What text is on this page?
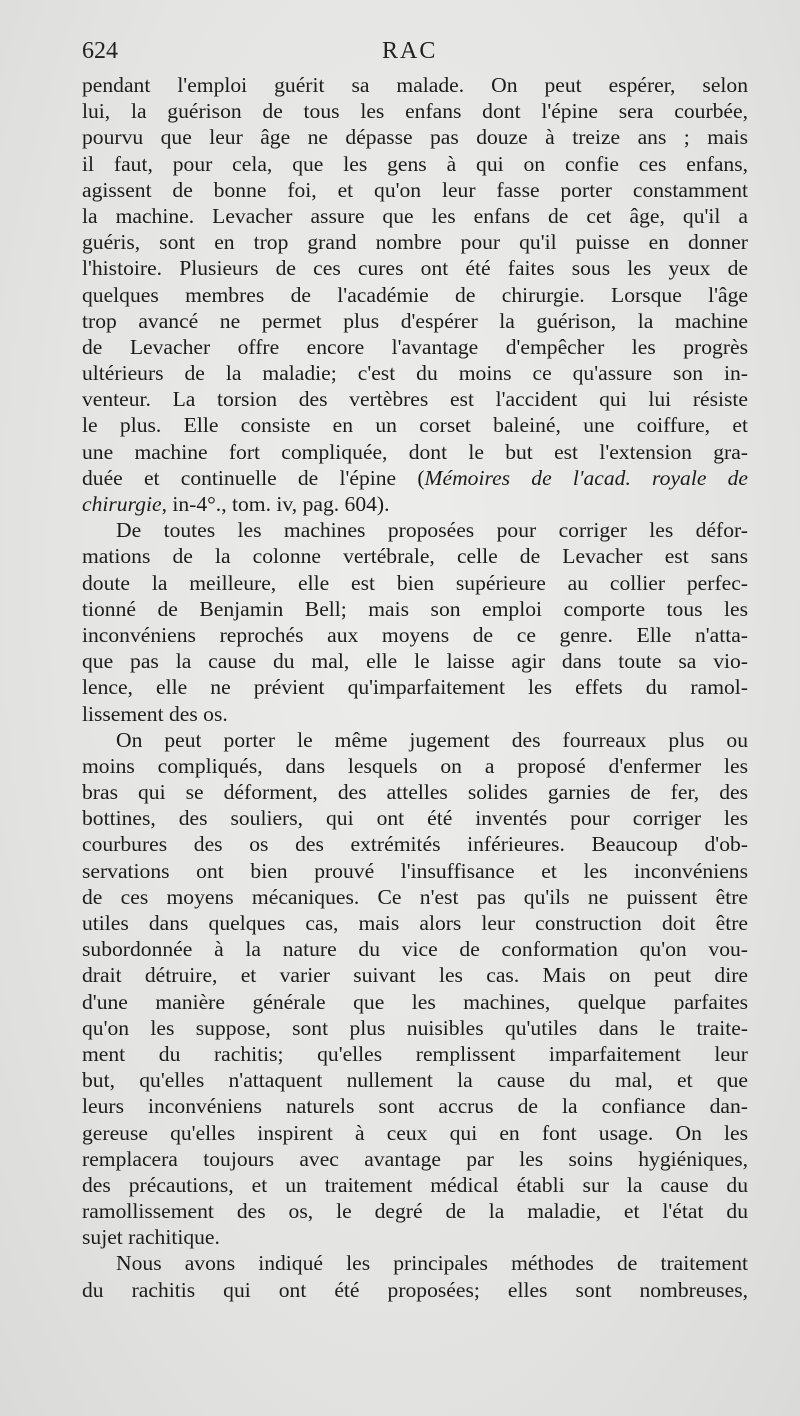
624	RAC
pendant l'emploi guérit sa malade. On peut espérer, selon
lui, la guérison de tous les enfans dont l'épine sera courbée,
pourvu que leur âge ne dépasse pas douze à treize ans ; mais
il faut, pour cela, que les gens à qui on confie ces enfans,
agissent de bonne foi, et qu'on leur fasse porter constamment
la machine. Levacher assure que les enfans de cet âge, qu'il a
guéris, sont en trop grand nombre pour qu'il puisse en donner
l'histoire. Plusieurs de ces cures ont été faites sous les yeux de
quelques membres de l'académie de chirurgie. Lorsque l'âge
trop avancé ne permet plus d'espérer la guérison, la machine
de Levacher offre encore l'avantage d'empêcher les progrès
ultérieurs de la maladie; c'est du moins ce qu'assure son in-
venteur. La torsion des vertèbres est l'accident qui lui résiste
le plus. Elle consiste en un corset baleiné, une coiffure, et
une machine fort compliquée, dont le but est l'extension gra-
duée et continuelle de l'épine (Mémoires de l'acad. royale de
chirurgie, in-4°., tom. iv, pag. 604).
De toutes les machines proposées pour corriger les défor-
mations de la colonne vertébrale, celle de Levacher est sans
doute la meilleure, elle est bien supérieure au collier perfec-
tionné de Benjamin Bell; mais son emploi comporte tous les
inconvéniens reprochés aux moyens de ce genre. Elle n'atta-
que pas la cause du mal, elle le laisse agir dans toute sa vio-
lence, elle ne prévient qu'imparfaitement les effets du ramol-
lissement des os.
On peut porter le même jugement des fourreaux plus ou
moins compliqués, dans lesquels on a proposé d'enfermer les
bras qui se déforment, des attelles solides garnies de fer, des
bottines, des souliers, qui ont été inventés pour corriger les
courbures des os des extrémités inférieures. Beaucoup d'ob-
servations ont bien prouvé l'insuffisance et les inconvéniens
de ces moyens mécaniques. Ce n'est pas qu'ils ne puissent être
utiles dans quelques cas, mais alors leur construction doit être
subordonnée à la nature du vice de conformation qu'on vou-
drait détruire, et varier suivant les cas. Mais on peut dire
d'une manière générale que les machines, quelque parfaites
qu'on les suppose, sont plus nuisibles qu'utiles dans le traite-
ment du rachitis; qu'elles remplissent imparfaitement leur
but, qu'elles n'attaquent nullement la cause du mal, et que
leurs inconvéniens naturels sont accrus de la confiance dan-
gereuse qu'elles inspirent à ceux qui en font usage. On les
remplacera toujours avec avantage par les soins hygiéniques,
des précautions, et un traitement médical établi sur la cause du
ramollissement des os, le degré de la maladie, et l'état du
sujet rachitique.
Nous avons indiqué les principales méthodes de traitement
du rachitis qui ont été proposées; elles sont nombreuses,
